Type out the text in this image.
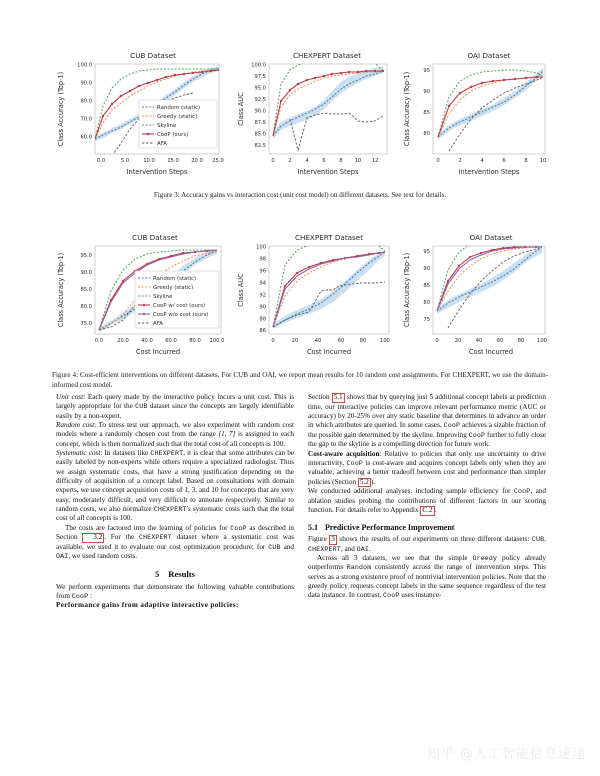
CUB Dataset
100.0
90.0
80.0
70.0
60.0
0.0	5.0	10.0 15.0 20.0 25.0
Intervention Steps
Class Accuracy (Top-1)	Random (static)
Greedy (static)
Skyline
CooP (ours)
AFA
CHEXPERT Dataset
100.0
97.5
95.0
92.5
90.0
87.5
85.0
82.5
0	2	4	6	8 10 12
Intervention Steps
Class AUC
OAI Dataset
95
90
85
80
0	2	4	6	8 10
Intervention Steps
Class Accuracy (Top-1)
Figure 3: Accuracy gains vs interaction cost (unit cost model) on different datasets. See text for details.
CUB Dataset
95.0
90.0
85.0
80.0
75.0
0.0	20.0 40.0 60.0 80.0 100.0
Cost Incurred
Class Accuracy (Top-1)	Random (static)
Greedy (static)
Skyline
CooP w/ cost (ours)
CooP w/o cost (ours)
AFA
CHEXPERT Dataset
100
98
96
94
92
90
88
86
0	20	40	60	80	100
Cost Incurred
Class AUC
OAI Dataset
95
90
85
80
75
0	20	40	60	80 100
Cost Incurred
Class Accuracy (Top-1)
Figure 4: Cost-efficient interventions on different datasets. For CUB and OAI, we report mean results for 10 random cost assignments. For CHEXPERT, we use the domain-informed cost model.

Unit cost: Each query made by the interactive policy incurs a unit cost. This is largely appropriate for the CUB dataset since the concepts are largely identifiable easily by a non-expert.

Random cost: To stress test our approach, we also experiment with random cost models where a randomly chosen cost from the range [1, 7] is assigned to each concept, which is then normalized such that the total cost of all concepts is 100.

Systematic cost: In datasets like CHEXPERT, it is clear that some attributes can be easily labeled by non-experts while others require a specialized radiologist. Thus we assign systematic costs, that have a strong justification depending on the difficulty of acquisition of a concept label. Based on consultations with domain experts, we use concept acquisition costs of 1, 3, and 10 for concepts that are very easy, moderately difficult, and very difficult to annotate respectively. Similar to random costs, we also normalize CHEXPERT's systematic costs such that the total cost of all concepts is 100.

The costs are factored into the learning of policies for CooP as described in Section 3.2 . For the CHEXPERT dataset where a systematic cost was available, we used it to evaluate our cost optimization procedure; for CUB and OAI, we used random costs.

5 Results

We perform experiments that demonstrate the following valuable contributions from CooP :

Performance gains from adaptive interactive policies:

Section 5.1 shows that by querying just 5 additional concept labels at prediction time, our interactive policies can improve relevant performance metric (AUC or accuracy) by 20-25% over any static baseline that determines in advance an order in which attributes are queried. In some cases, CooP achieves a sizable fraction of the possible gain determined by the skyline. Improving CooP further to fully close the gap to the skyline is a compelling direction for future work.

Cost-aware acquisition: Relative to policies that only use uncertainty to drive interactivity, CooP is cost-aware and acquires concept labels only when they are valuable, achieving a better tradeoff between cost and performance than simpler policies (Section 5.2 ).

We conducted additional analyses, including sample efficiency for CooP, and ablation studies probing the contributions of different factors in our scoring function. For details refer to Appendix C.2 .

5.1 Predictive Performance Improvement

Figure 3 shows the results of our experiments on three different datasets: CUB, CHEXPERT, and OAI.

Across all 3 datasets, we see that the simple Greedy policy already outperforms Random consistently across the range of intervention steps. This serves as a strong existence proof of nontrivial intervention policies. Note that the greedy policy requests concept labels in the same sequence regardless of the test data instance. In contrast, CooP uses instance-

知乎 @人工智能信息速递
